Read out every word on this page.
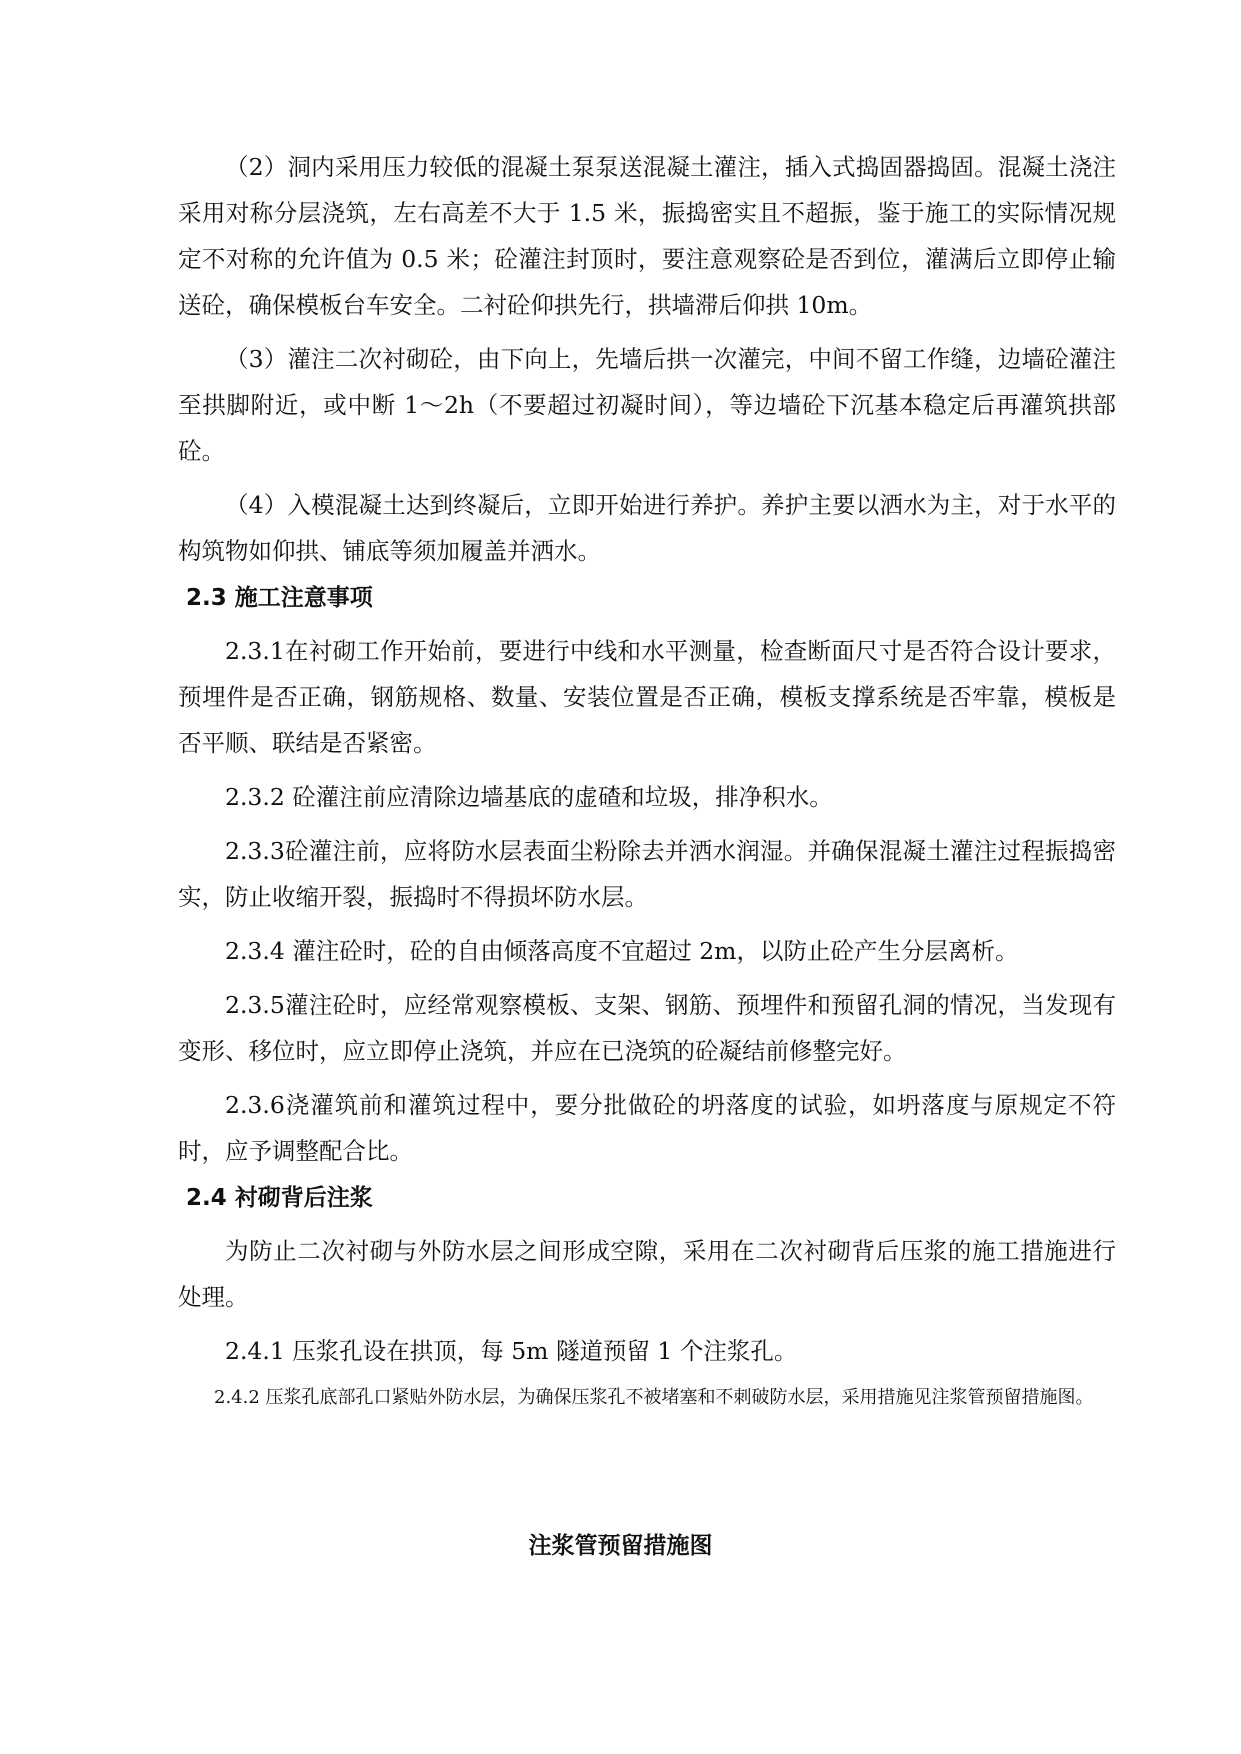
（2）洞内采用压力较低的混凝土泵泵送混凝土灌注，插入式捣固器捣固。混凝土浇注采用对称分层浇筑，左右高差不大于 1.5 米，振捣密实且不超振，鉴于施工的实际情况规定不对称的允许值为 0.5 米；砼灌注封顶时，要注意观察砼是否到位，灌满后立即停止输送砼，确保模板台车安全。二衬砼仰拱先行，拱墙滞后仰拱 10m。

（3）灌注二次衬砌砼，由下向上，先墙后拱一次灌完，中间不留工作缝，边墙砼灌注至拱脚附近，或中断 1～2h（不要超过初凝时间），等边墙砼下沉基本稳定后再灌筑拱部砼。

（4）入模混凝土达到终凝后，立即开始进行养护。养护主要以洒水为主，对于水平的构筑物如仰拱、铺底等须加履盖并洒水。

2.3 施工注意事项

2.3.1在衬砌工作开始前，要进行中线和水平测量，检查断面尺寸是否符合设计要求，预埋件是否正确，钢筋规格、数量、安装位置是否正确，模板支撑系统是否牢靠，模板是否平顺、联结是否紧密。

2.3.2 砼灌注前应清除边墙基底的虚碴和垃圾，排净积水。

2.3.3砼灌注前，应将防水层表面尘粉除去并洒水润湿。并确保混凝土灌注过程振捣密实，防止收缩开裂，振捣时不得损坏防水层。

2.3.4 灌注砼时，砼的自由倾落高度不宜超过 2m，以防止砼产生分层离析。

2.3.5灌注砼时，应经常观察模板、支架、钢筋、预埋件和预留孔洞的情况，当发现有变形、移位时，应立即停止浇筑，并应在已浇筑的砼凝结前修整完好。

2.3.6浇灌筑前和灌筑过程中，要分批做砼的坍落度的试验，如坍落度与原规定不符时，应予调整配合比。

2.4 衬砌背后注浆

为防止二次衬砌与外防水层之间形成空隙，采用在二次衬砌背后压浆的施工措施进行处理。

2.4.1 压浆孔设在拱顶，每 5m 隧道预留 1 个注浆孔。

2.4.2 压浆孔底部孔口紧贴外防水层，为确保压浆孔不被堵塞和不刺破防水层，采用措施见注浆管预留措施图。

注浆管预留措施图
